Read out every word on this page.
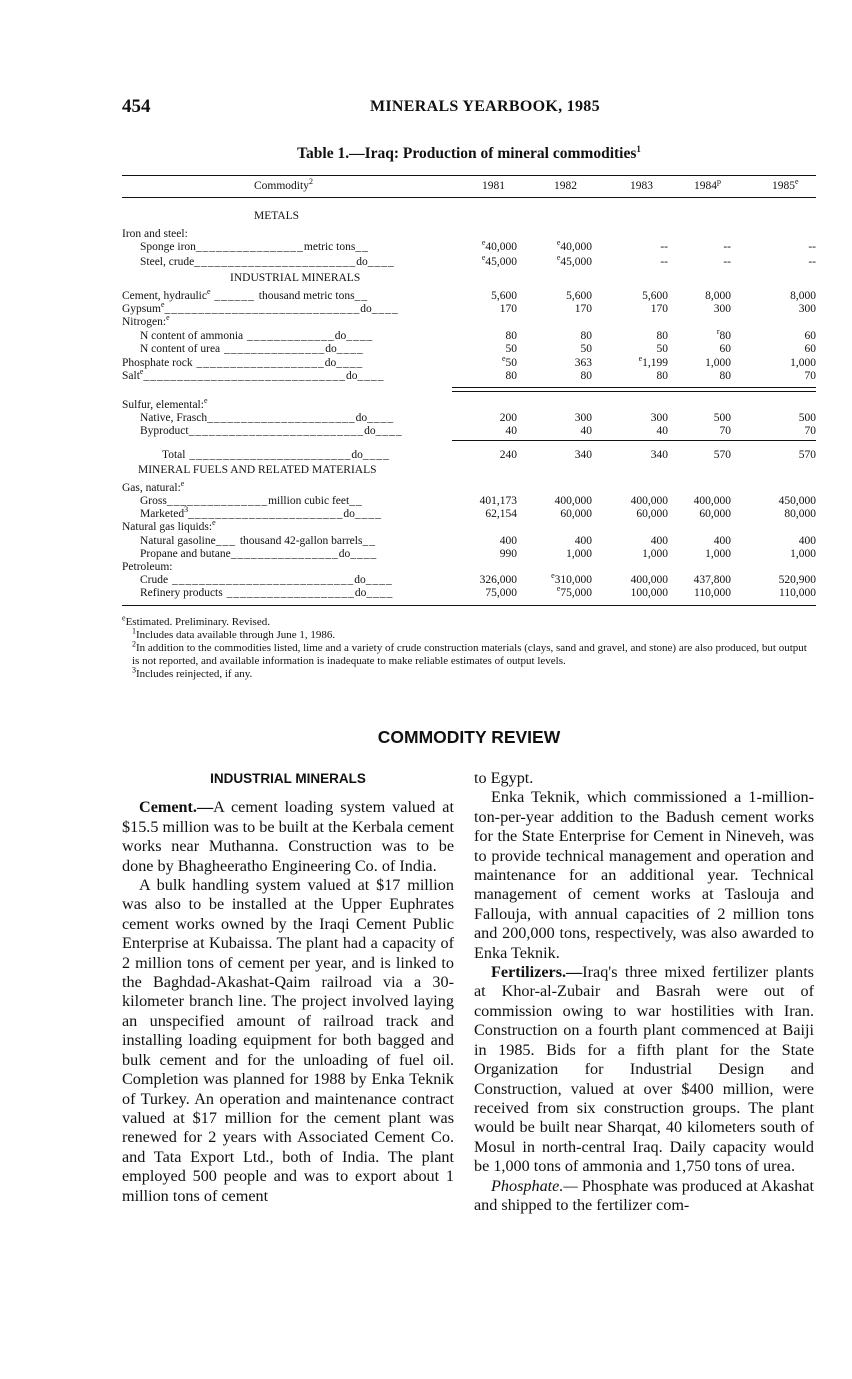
454	MINERALS YEARBOOK, 1985
Table 1.—Iraq: Production of mineral commodities$^1$
Commodity$^2$	1981	1982	1983	1984$^p$	1985e
METALS
Iron and steel:
Sponge iron________________metric tons__	$^e$40,000	$^e$40,000	--	--	--
Steel, crude________________________do____	$^e$45,000	$^e$45,000	--	--	--
INDUSTRIAL MINERALS
Cement, hydraulic$^e$ ______ thousand metric tons__	5,600	5,600	5,600	8,000	8,000
Gypsum$^e$_____________________________do____	170	170	170	300	300
Nitrogen:$^e$
N content of ammonia _____________do____	80	80	80	$^r$80	60
N content of urea _______________do____	50	50	50	60	60
Phosphate rock ___________________do____	$^e$50	363	$^e$1,199	1,000	1,000
Salt$^e$______________________________do____	80	80	80	80	70
Sulfur, elemental:$^e$
Native, Frasch______________________do____	200	300	300	500	500
Byproduct__________________________do____	40	40	40	70	70
Total ________________________do____	240	340	340	570	570
MINERAL FUELS AND RELATED MATERIALS
Gas, natural:$^e$
Gross_______________million cubic feet__	401,173	400,000	400,000	400,000	450,000
Marketed$^3$_______________________do____	62,154	60,000	60,000	60,000	80,000
Natural gas liquids:$^e$
Natural gasoline___ thousand 42-gallon barrels__	400	400	400	400	400
Propane and butane________________do____	990	1,000	1,000	1,000	1,000
Petroleum:
Crude ___________________________do____	326,000	$^e$310,000	400,000	437,800	520,900
Refinery products ___________________do____	75,000	$^e$75,000	100,000	110,000	110,000

$^e$Estimated. Preliminary. Revised.

$^1$Includes data available through June 1, 1986.

$^2$In addition to the commodities listed, lime and a variety of crude construction materials (clays, sand and gravel, and stone) are also produced, but output is not reported, and available information is inadequate to make reliable estimates of output levels.

$^3$Includes reinjected, if any.

COMMODITY REVIEW

INDUSTRIAL MINERALS

Cement.—A cement loading system valued at $15.5 million was to be built at the Kerbala cement works near Muthanna. Construction was to be done by Bhagheeratho Engineering Co. of India.

A bulk handling system valued at $17 million was also to be installed at the Upper Euphrates cement works owned by the Iraqi Cement Public Enterprise at Kubaissa. The plant had a capacity of 2 million tons of cement per year, and is linked to the Baghdad-Akashat-Qaim railroad via a 30-kilometer branch line. The project involved laying an unspecified amount of railroad track and installing loading equipment for both bagged and bulk cement and for the unloading of fuel oil. Completion was planned for 1988 by Enka Teknik of Turkey. An operation and maintenance contract valued at $17 million for the cement plant was renewed for 2 years with Associated Cement Co. and Tata Export Ltd., both of India. The plant employed 500 people and was to export about 1 million tons of cement

to Egypt.

Enka Teknik, which commissioned a 1-million-ton-per-year addition to the Badush cement works for the State Enterprise for Cement in Nineveh, was to provide technical management and operation and maintenance for an additional year. Technical management of cement works at Taslouja and Fallouja, with annual capacities of 2 million tons and 200,000 tons, respectively, was also awarded to Enka Teknik.

Fertilizers.—Iraq's three mixed fertilizer plants at Khor-al-Zubair and Basrah were out of commission owing to war hostilities with Iran. Construction on a fourth plant commenced at Baiji in 1985. Bids for a fifth plant for the State Organization for Industrial Design and Construction, valued at over $400 million, were received from six construction groups. The plant would be built near Sharqat, 40 kilometers south of Mosul in north-central Iraq. Daily capacity would be 1,000 tons of ammonia and 1,750 tons of urea.

Phosphate.— Phosphate was produced at Akashat and shipped to the fertilizer com-
